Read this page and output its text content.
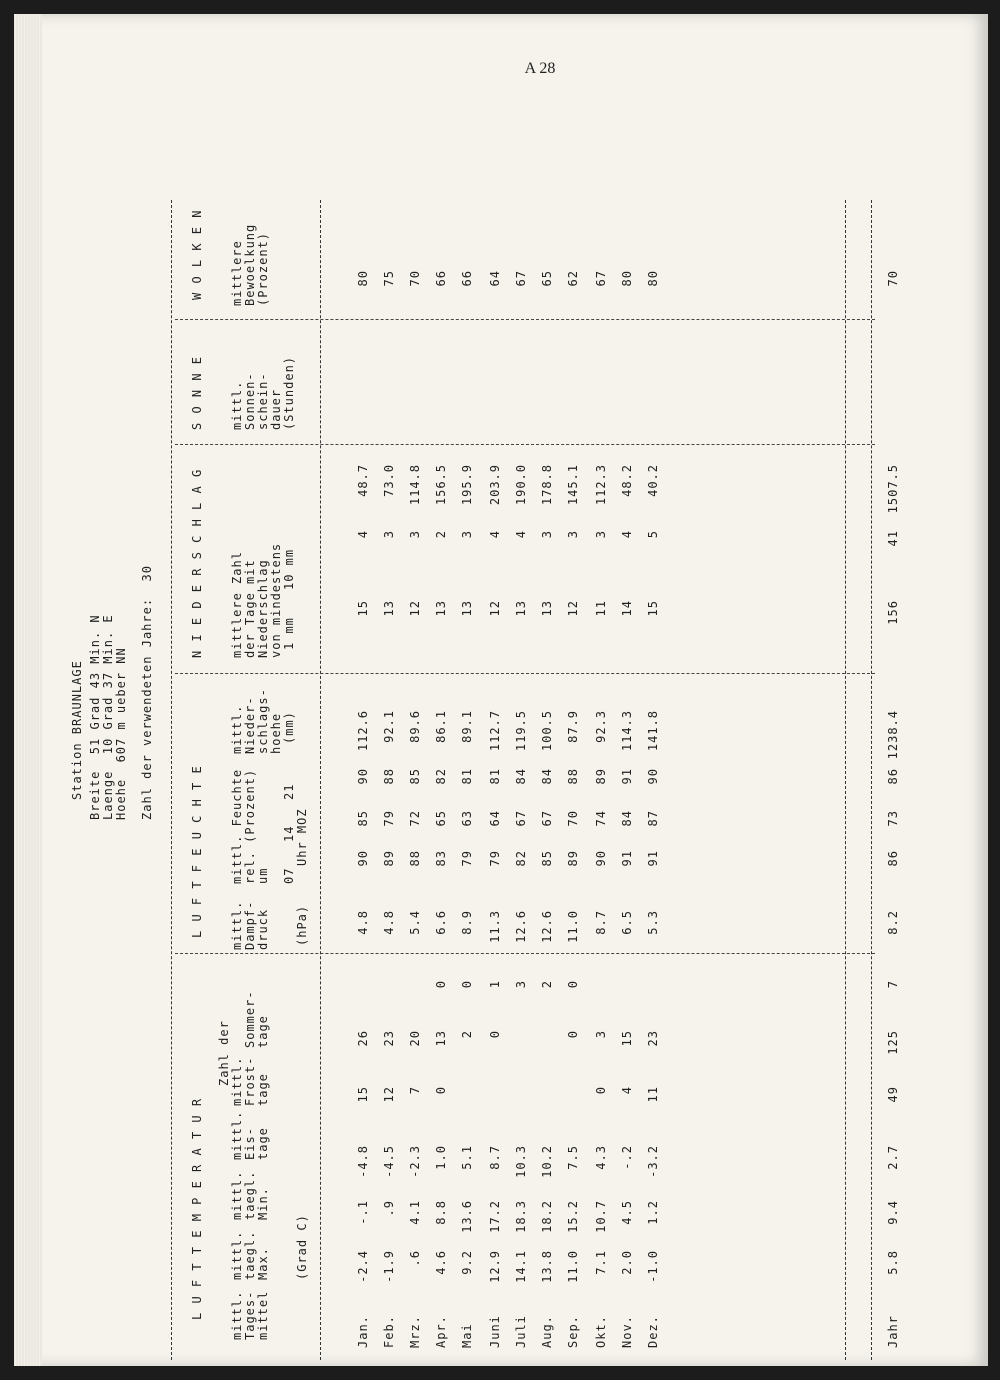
A 28
Station BRAUNLAGE Breite  51 Grad 43 Min. N Laenge  10 Grad 37 Min. E Hoehe  607 m ueber NN Zahl der verwendeten Jahre:  30
L U F T T E M P E R A T U R
L U F T F E U C H T E
N I E D E R S C H L A G
S O N N E
W O L K E N
mittl. Tages- mittel
mittl. taegl. Max.
mittl. taegl. Min.
mittl. Eis- tage
mittl. Frost- tage
Sommer- tage
mittl. Dampf- druck
mittl. Feuchte rel. (Prozent) um 07
14
21
mittl. Nieder- schlags- hoehe
mittlere Zahl der Tage mit Niederschlag von mindestens 1 mm
10 mm
mittl. Sonnen- schein- dauer (Stunden)
mittlere Bewoelkung (Prozent)
(Grad C)
Zahl der
(hPa)
Uhr MOZ
(mm)
Jan.
-2.4
-.1
-4.8
15
26
4.8
90
85
90
112.6
15
4
48.7
80
Feb.
-1.9
.9
-4.5
12
23
4.8
89
79
88
92.1
13
3
73.0
75
Mrz.
.6
4.1
-2.3
7
20
5.4
88
72
85
89.6
12
3
114.8
70
Apr.
4.6
8.8
1.0
0
13
0
6.6
83
65
82
86.1
13
2
156.5
66
Mai
9.2
13.6
5.1
2
0
8.9
79
63
81
89.1
13
3
195.9
66
Juni
12.9
17.2
8.7
0
1
11.3
79
64
81
112.7
12
4
203.9
64
Juli
14.1
18.3
10.3
3
12.6
82
67
84
119.5
13
4
190.0
67
Aug.
13.8
18.2
10.2
2
12.6
85
67
84
100.5
13
3
178.8
65
Sep.
11.0
15.2
7.5
0
0
11.0
89
70
88
87.9
12
3
145.1
62
Okt.
7.1
10.7
4.3
0
3
8.7
90
74
89
92.3
11
3
112.3
67
Nov.
2.0
4.5
-.2
4
15
6.5
91
84
91
114.3
14
4
48.2
80
Dez.
-1.0
1.2
-3.2
11
23
5.3
91
87
90
141.8
15
5
40.2
80
Jahr
5.8
9.4
2.7
49
125
7
8.2
86
73
86
1238.4
156
41
1507.5
70
